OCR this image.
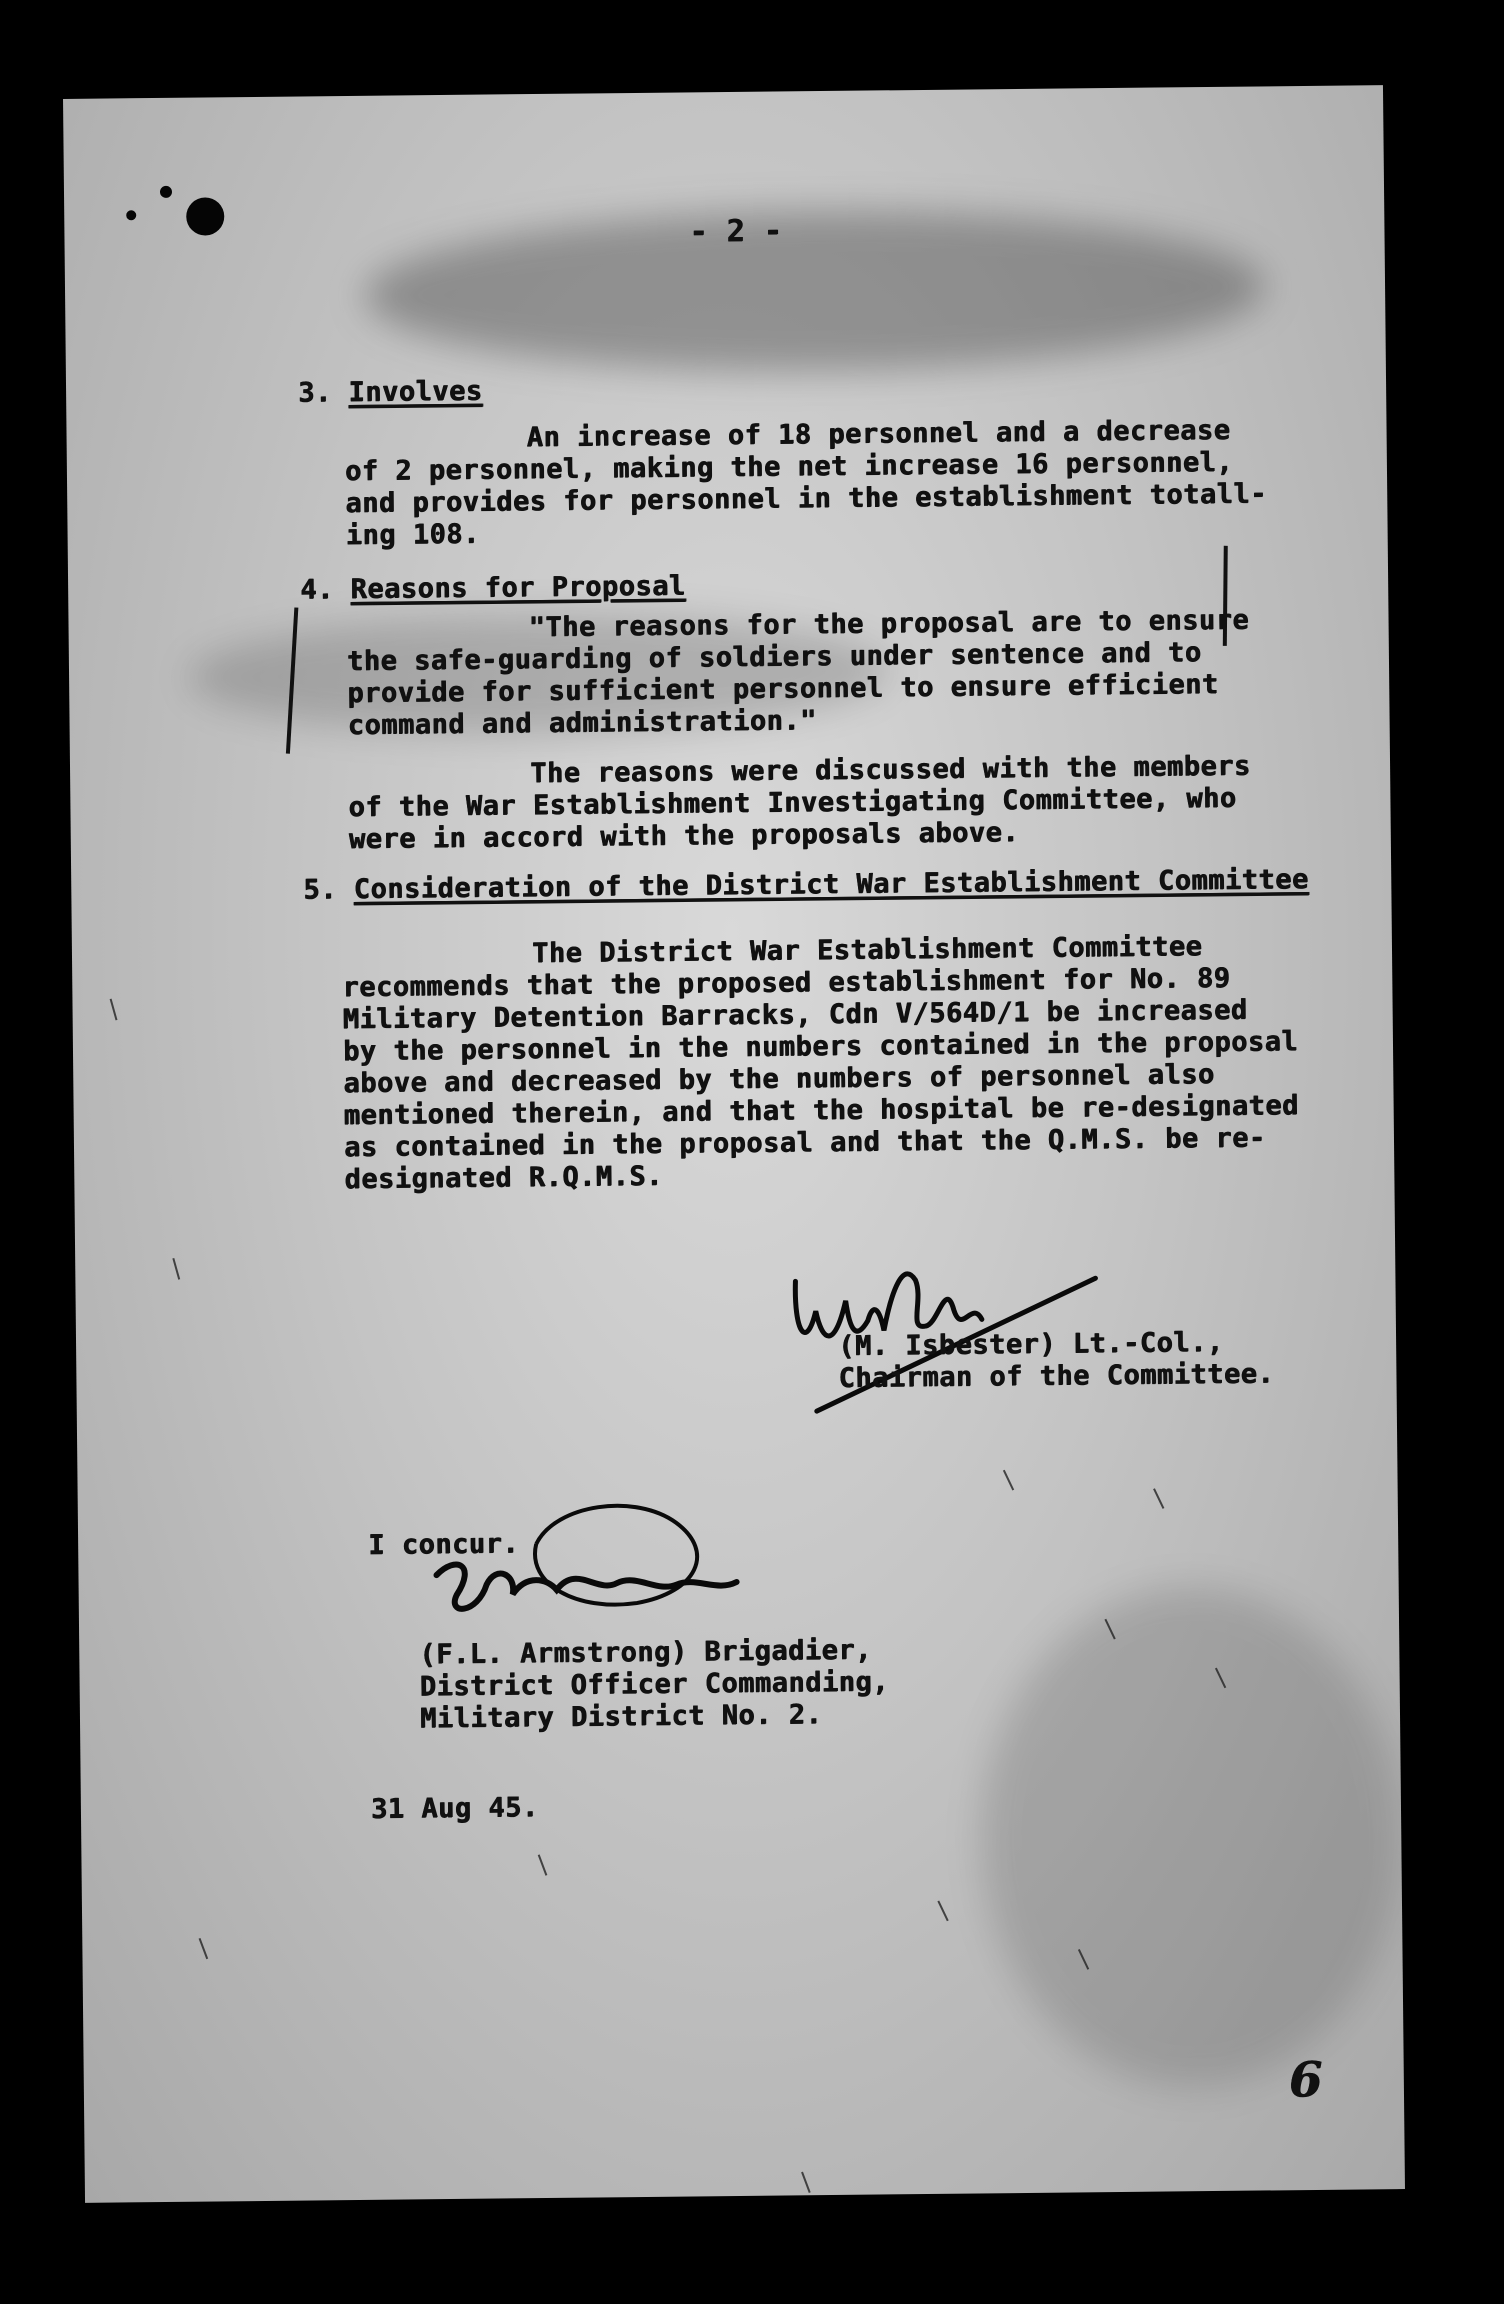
- 2 -
3. Involves
An increase of 18 personnel and a decrease
of 2 personnel, making the net increase 16 personnel,
and provides for personnel in the establishment totall-
ing 108.
4. Reasons for Proposal
"The reasons for the proposal are to ensure
the safe-guarding of soldiers under sentence and to
provide for sufficient personnel to ensure efficient
command and administration."
The reasons were discussed with the members
of the War Establishment Investigating Committee, who
were in accord with the proposals above.
5. Consideration of the District War Establishment Committee
The District War Establishment Committee
recommends that the proposed establishment for No. 89
Military Detention Barracks, Cdn V/564D/1 be increased
by the personnel in the numbers contained in the proposal
above and decreased by the numbers of personnel also
mentioned therein, and that the hospital be re-designated
as contained in the proposal and that the Q.M.S. be re-
designated R.Q.M.S.
(M. Isbester) Lt.-Col.,
Chairman of the Committee.
I concur.
(F.L. Armstrong) Brigadier,
District Officer Commanding,
Military District No. 2.
31 Aug 45.
6
